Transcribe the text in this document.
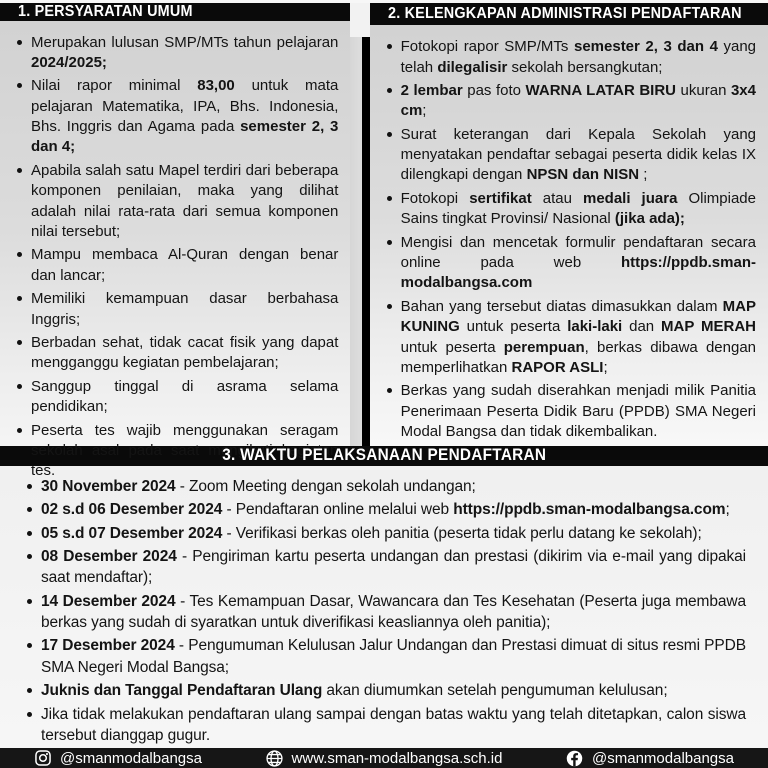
1. PERSYARATAN UMUM
Merupakan lulusan SMP/MTs tahun pelajaran 2024/2025;
Nilai rapor minimal 83,00 untuk mata pelajaran Matematika, IPA, Bhs. Indonesia, Bhs. Inggris dan Agama pada semester 2, 3 dan 4;
Apabila salah satu Mapel terdiri dari beberapa komponen penilaian, maka yang dilihat adalah nilai rata-rata dari semua komponen nilai tersebut;
Mampu membaca Al-Quran dengan benar dan lancar;
Memiliki kemampuan dasar berbahasa Inggris;
Berbadan sehat, tidak cacat fisik yang dapat mengganggu kegiatan pembelajaran;
Sanggup tinggal di asrama selama pendidikan;
Peserta tes wajib menggunakan seragam sekolah asal pada saat mengikuti kegiatan tes.
2. KELENGKAPAN ADMINISTRASI PENDAFTARAN
Fotokopi rapor SMP/MTs semester 2, 3 dan 4 yang telah dilegalisir sekolah bersangkutan;
2 lembar pas foto WARNA LATAR BIRU ukuran 3x4 cm;
Surat keterangan dari Kepala Sekolah yang menyatakan pendaftar sebagai peserta didik kelas IX dilengkapi dengan NPSN dan NISN ;
Fotokopi sertifikat atau medali juara Olimpiade Sains tingkat Provinsi/ Nasional (jika ada);
Mengisi dan mencetak formulir pendaftaran secara online pada web https://ppdb.sman-modalbangsa.com
Bahan yang tersebut diatas dimasukkan dalam MAP KUNING untuk peserta laki-laki dan MAP MERAH untuk peserta perempuan, berkas dibawa dengan memperlihatkan RAPOR ASLI;
Berkas yang sudah diserahkan menjadi milik Panitia Penerimaan Peserta Didik Baru (PPDB) SMA Negeri Modal Bangsa dan tidak dikembalikan.
3. WAKTU PELAKSANAAN PENDAFTARAN
30 November 2024 - Zoom Meeting dengan sekolah undangan;
02 s.d 06 Desember 2024 - Pendaftaran online melalui web https://ppdb.sman-modalbangsa.com;
05 s.d 07 Desember 2024 - Verifikasi berkas oleh panitia (peserta tidak perlu datang ke sekolah);
08 Desember 2024 - Pengiriman kartu peserta undangan dan prestasi (dikirim via e-mail yang dipakai saat mendaftar);
14 Desember 2024 - Tes Kemampuan Dasar, Wawancara dan Tes Kesehatan (Peserta juga membawa berkas yang sudah di syaratkan untuk diverifikasi keasliannya oleh panitia);
17 Desember 2024 - Pengumuman Kelulusan Jalur Undangan dan Prestasi dimuat di situs resmi PPDB SMA Negeri Modal Bangsa;
Juknis dan Tanggal Pendaftaran Ulang akan diumumkan setelah pengumuman kelulusan;
Jika tidak melakukan pendaftaran ulang sampai dengan batas waktu yang telah ditetapkan, calon siswa tersebut dianggap gugur.
@smanmodalbangsa	www.sman-modalbangsa.sch.id	@smanmodalbangsa
